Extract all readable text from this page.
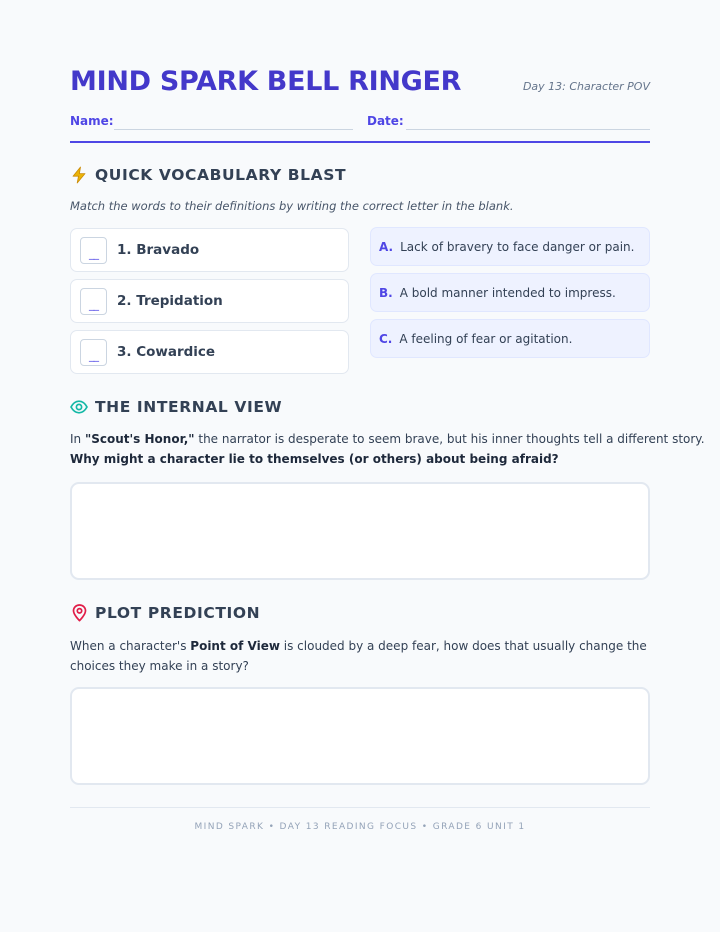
MIND SPARK BELL RINGER	Day 13: Character POV
Name:	Date:
QUICK VOCABULARY BLAST
Match the words to their definitions by writing the correct letter in the blank.
__	1. Bravado
__	2. Trepidation
__	3. Cowardice
A. Lack of bravery to face danger or pain.
B. A bold manner intended to impress.
C. A feeling of fear or agitation.
THE INTERNAL VIEW
In "Scout's Honor," the narrator is desperate to seem brave, but his inner thoughts tell a different story.
Why might a character lie to themselves (or others) about being afraid?
PLOT PREDICTION
When a character's Point of View is clouded by a deep fear, how does that usually change the choices they make in a story?
MIND SPARK • DAY 13 READING FOCUS • GRADE 6 UNIT 1
